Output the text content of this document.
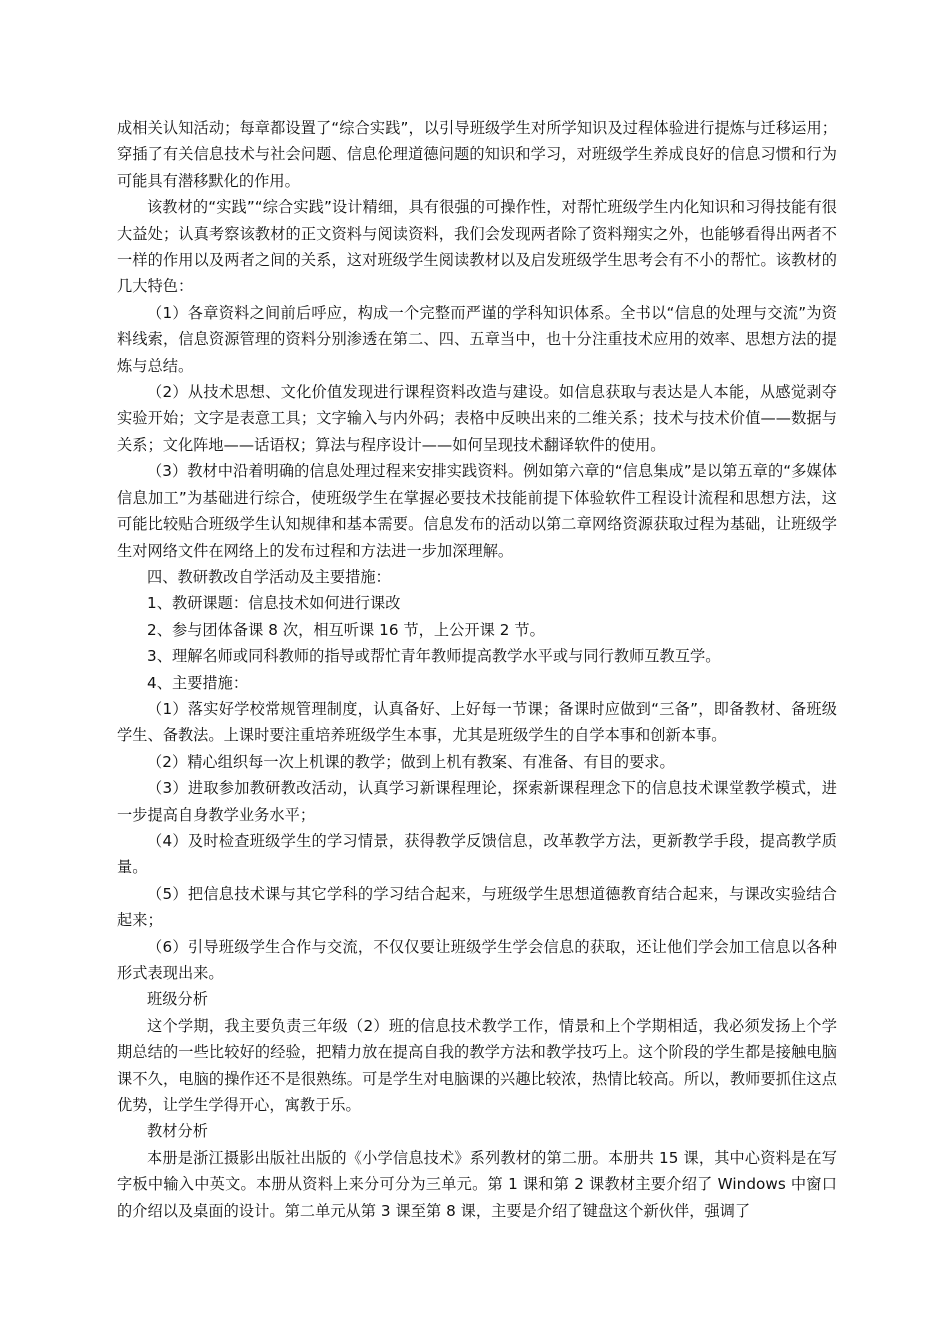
成相关认知活动；每章都设置了“综合实践”，以引导班级学生对所学知识及过程体验进行提炼与迁移运用；穿插了有关信息技术与社会问题、信息伦理道德问题的知识和学习，对班级学生养成良好的信息习惯和行为可能具有潜移默化的作用。

该教材的“实践”“综合实践”设计精细，具有很强的可操作性，对帮忙班级学生内化知识和习得技能有很大益处；认真考察该教材的正文资料与阅读资料，我们会发现两者除了资料翔实之外，也能够看得出两者不一样的作用以及两者之间的关系，这对班级学生阅读教材以及启发班级学生思考会有不小的帮忙。该教材的几大特色：

（1）各章资料之间前后呼应，构成一个完整而严谨的学科知识体系。全书以“信息的处理与交流”为资料线索，信息资源管理的资料分别渗透在第二、四、五章当中，也十分注重技术应用的效率、思想方法的提炼与总结。

（2）从技术思想、文化价值发现进行课程资料改造与建设。如信息获取与表达是人本能，从感觉剥夺实验开始；文字是表意工具；文字输入与内外码；表格中反映出来的二维关系；技术与技术价值——数据与关系；文化阵地——话语权；算法与程序设计——如何呈现技术翻译软件的使用。

（3）教材中沿着明确的信息处理过程来安排实践资料。例如第六章的“信息集成”是以第五章的“多媒体信息加工”为基础进行综合，使班级学生在掌握必要技术技能前提下体验软件工程设计流程和思想方法，这可能比较贴合班级学生认知规律和基本需要。信息发布的活动以第二章网络资源获取过程为基础，让班级学生对网络文件在网络上的发布过程和方法进一步加深理解。

四、教研教改自学活动及主要措施：

1、教研课题：信息技术如何进行课改

2、参与团体备课 8 次，相互听课 16 节，上公开课 2 节。

3、理解名师或同科教师的指导或帮忙青年教师提高教学水平或与同行教师互教互学。

4、主要措施：

（1）落实好学校常规管理制度，认真备好、上好每一节课；备课时应做到“三备”，即备教材、备班级学生、备教法。上课时要注重培养班级学生本事，尤其是班级学生的自学本事和创新本事。

（2）精心组织每一次上机课的教学；做到上机有教案、有准备、有目的要求。

（3）进取参加教研教改活动，认真学习新课程理论，探索新课程理念下的信息技术课堂教学模式，进一步提高自身教学业务水平；

（4）及时检查班级学生的学习情景，获得教学反馈信息，改革教学方法，更新教学手段，提高教学质量。

（5）把信息技术课与其它学科的学习结合起来，与班级学生思想道德教育结合起来，与课改实验结合起来；

（6）引导班级学生合作与交流，不仅仅要让班级学生学会信息的获取，还让他们学会加工信息以各种形式表现出来。

班级分析

这个学期，我主要负责三年级（2）班的信息技术教学工作，情景和上个学期相适，我必须发扬上个学期总结的一些比较好的经验，把精力放在提高自我的教学方法和教学技巧上。这个阶段的学生都是接触电脑课不久，电脑的操作还不是很熟练。可是学生对电脑课的兴趣比较浓，热情比较高。所以，教师要抓住这点优势，让学生学得开心，寓教于乐。

教材分析

本册是浙江摄影出版社出版的《小学信息技术》系列教材的第二册。本册共 15 课，其中心资料是在写字板中输入中英文。本册从资料上来分可分为三单元。第 1 课和第 2 课教材主要介绍了 Windows 中窗口的介绍以及桌面的设计。第二单元从第 3 课至第 8 课，主要是介绍了键盘这个新伙伴，强调了
